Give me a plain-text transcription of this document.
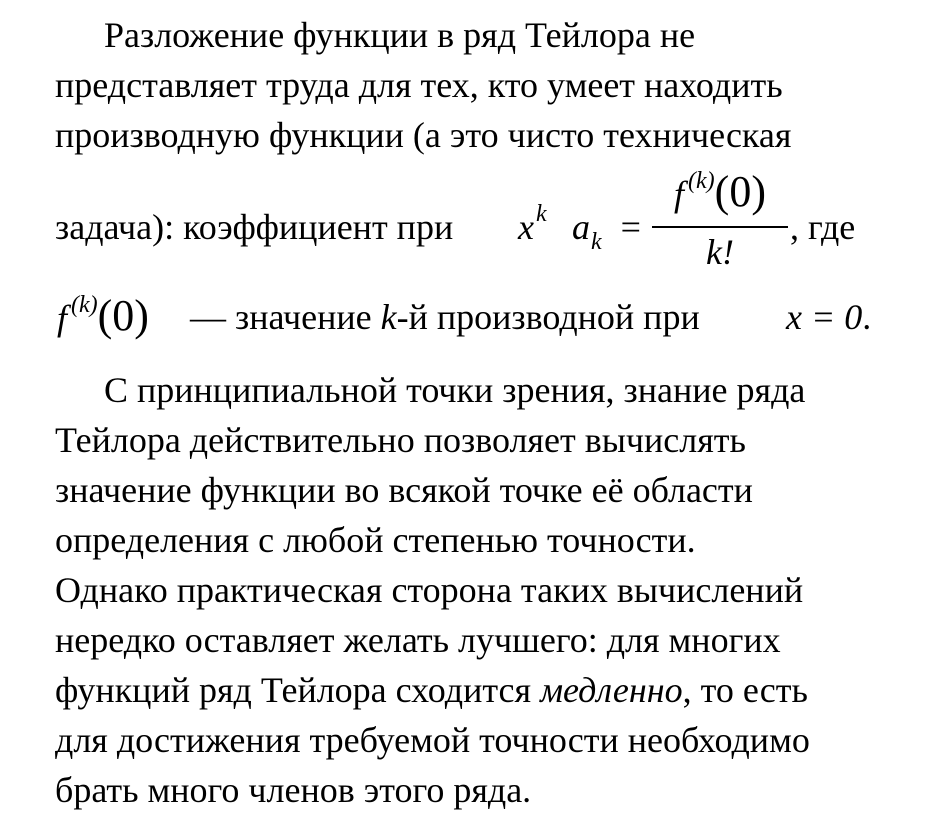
Разложение функции в ряд Тейлора не
представляет труда для тех, кто умеет находить
производную функции (а это чисто техническая
задача): коэффициент при	$x^k$ $a_k$ =
f $^{(k)}$(0)
k!
, где
f $^{(k)}$(0) — значение k-й производной при x = 0.
С принципиальной точки зрения, знание ряда
Тейлора действительно позволяет вычислять
значение функции во всякой точке её области
определения с любой степенью точности.
Однако практическая сторона таких вычислений
нередко оставляет желать лучшего: для многих
функций ряд Тейлора сходится медленно, то есть
для достижения требуемой точности необходимо
брать много членов этого ряда.
